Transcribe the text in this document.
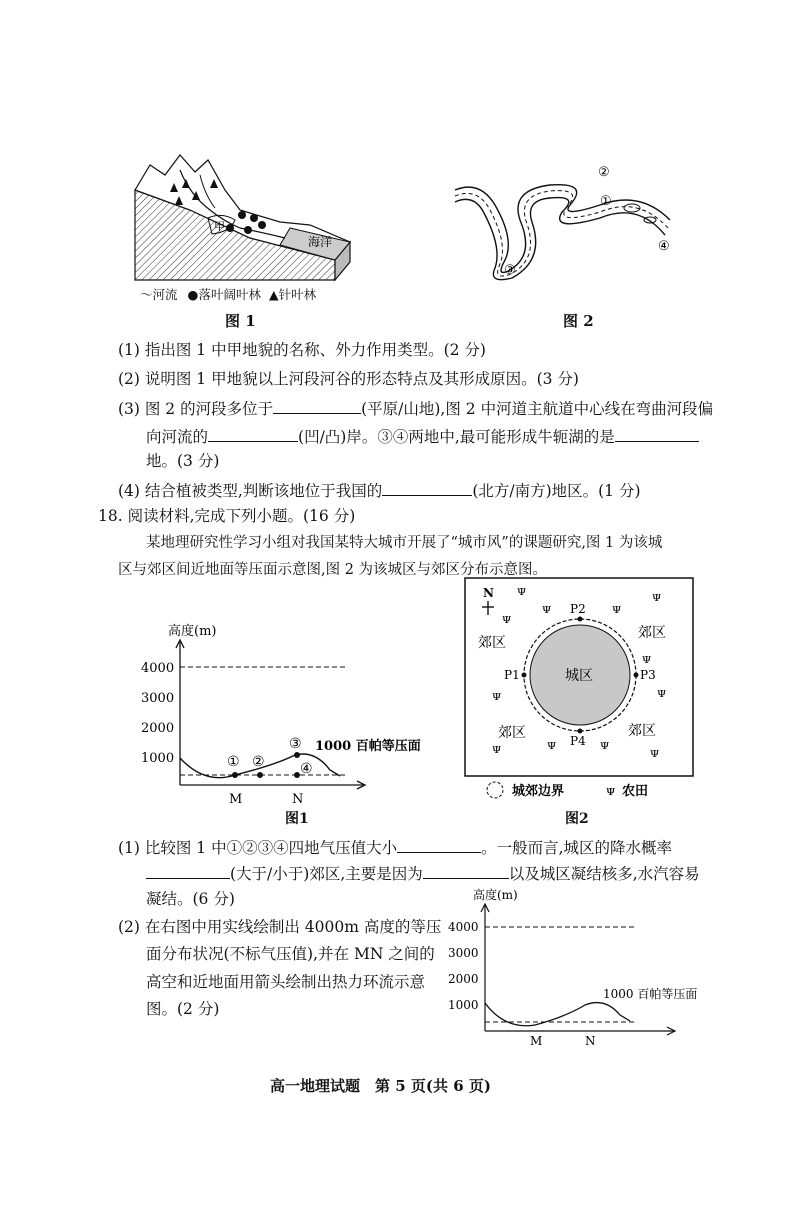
甲
海洋
～河流 ●落叶阔叶林 ▲针叶林
图 1
②
①
③
④
图 2
(1) 指出图 1 中甲地貌的名称、外力作用类型。(2 分)
(2) 说明图 1 甲地貌以上河段河谷的形态特点及其形成原因。(3 分)
(3) 图 2 的河段多位于	(平原/山地),图 2 中河道主航道中心线在弯曲河段偏
向河流的	(凹/凸)岸。③④两地中,最可能形成牛轭湖的是
地。(3 分)
(4) 结合植被类型,判断该地位于我国的	(北方/南方)地区。(1 分)
18. 阅读材料,完成下列小题。(16 分)
某地理研究性学习小组对我国某特大城市开展了“城市风”的课题研究,图 1 为该城
区与郊区间近地面等压面示意图,图 2 为该城区与郊区分布示意图。
高度(m)
4000
3000
2000
1000	① ②
③
④
1000 百帕等压面
M	N
图1
N
城区
P2
P1	P3
P4
郊区
郊区
郊区	郊区
ᴪ
ᴪ	ᴪ
ᴪ
ᴪ	ᴪ
ᴪ	ᴪ	ᴪ
ᴪ
ᴪ
ᴪ
城郊边界	ᴪ 农田
图2
(1) 比较图 1 中①②③④四地气压值大小	。一般而言,城区的降水概率
(大于/小于)郊区,主要是因为	以及城区凝结核多,水汽容易
凝结。(6 分)
(2) 在右图中用实线绘制出 4000m 高度的等压
面分布状况(不标气压值),并在 MN 之间的
高空和近地面用箭头绘制出热力环流示意
图。(2 分)
高度(m)
4000
3000
2000
1000
1000 百帕等压面
M	N
高一地理试题　第 5 页(共 6 页)
